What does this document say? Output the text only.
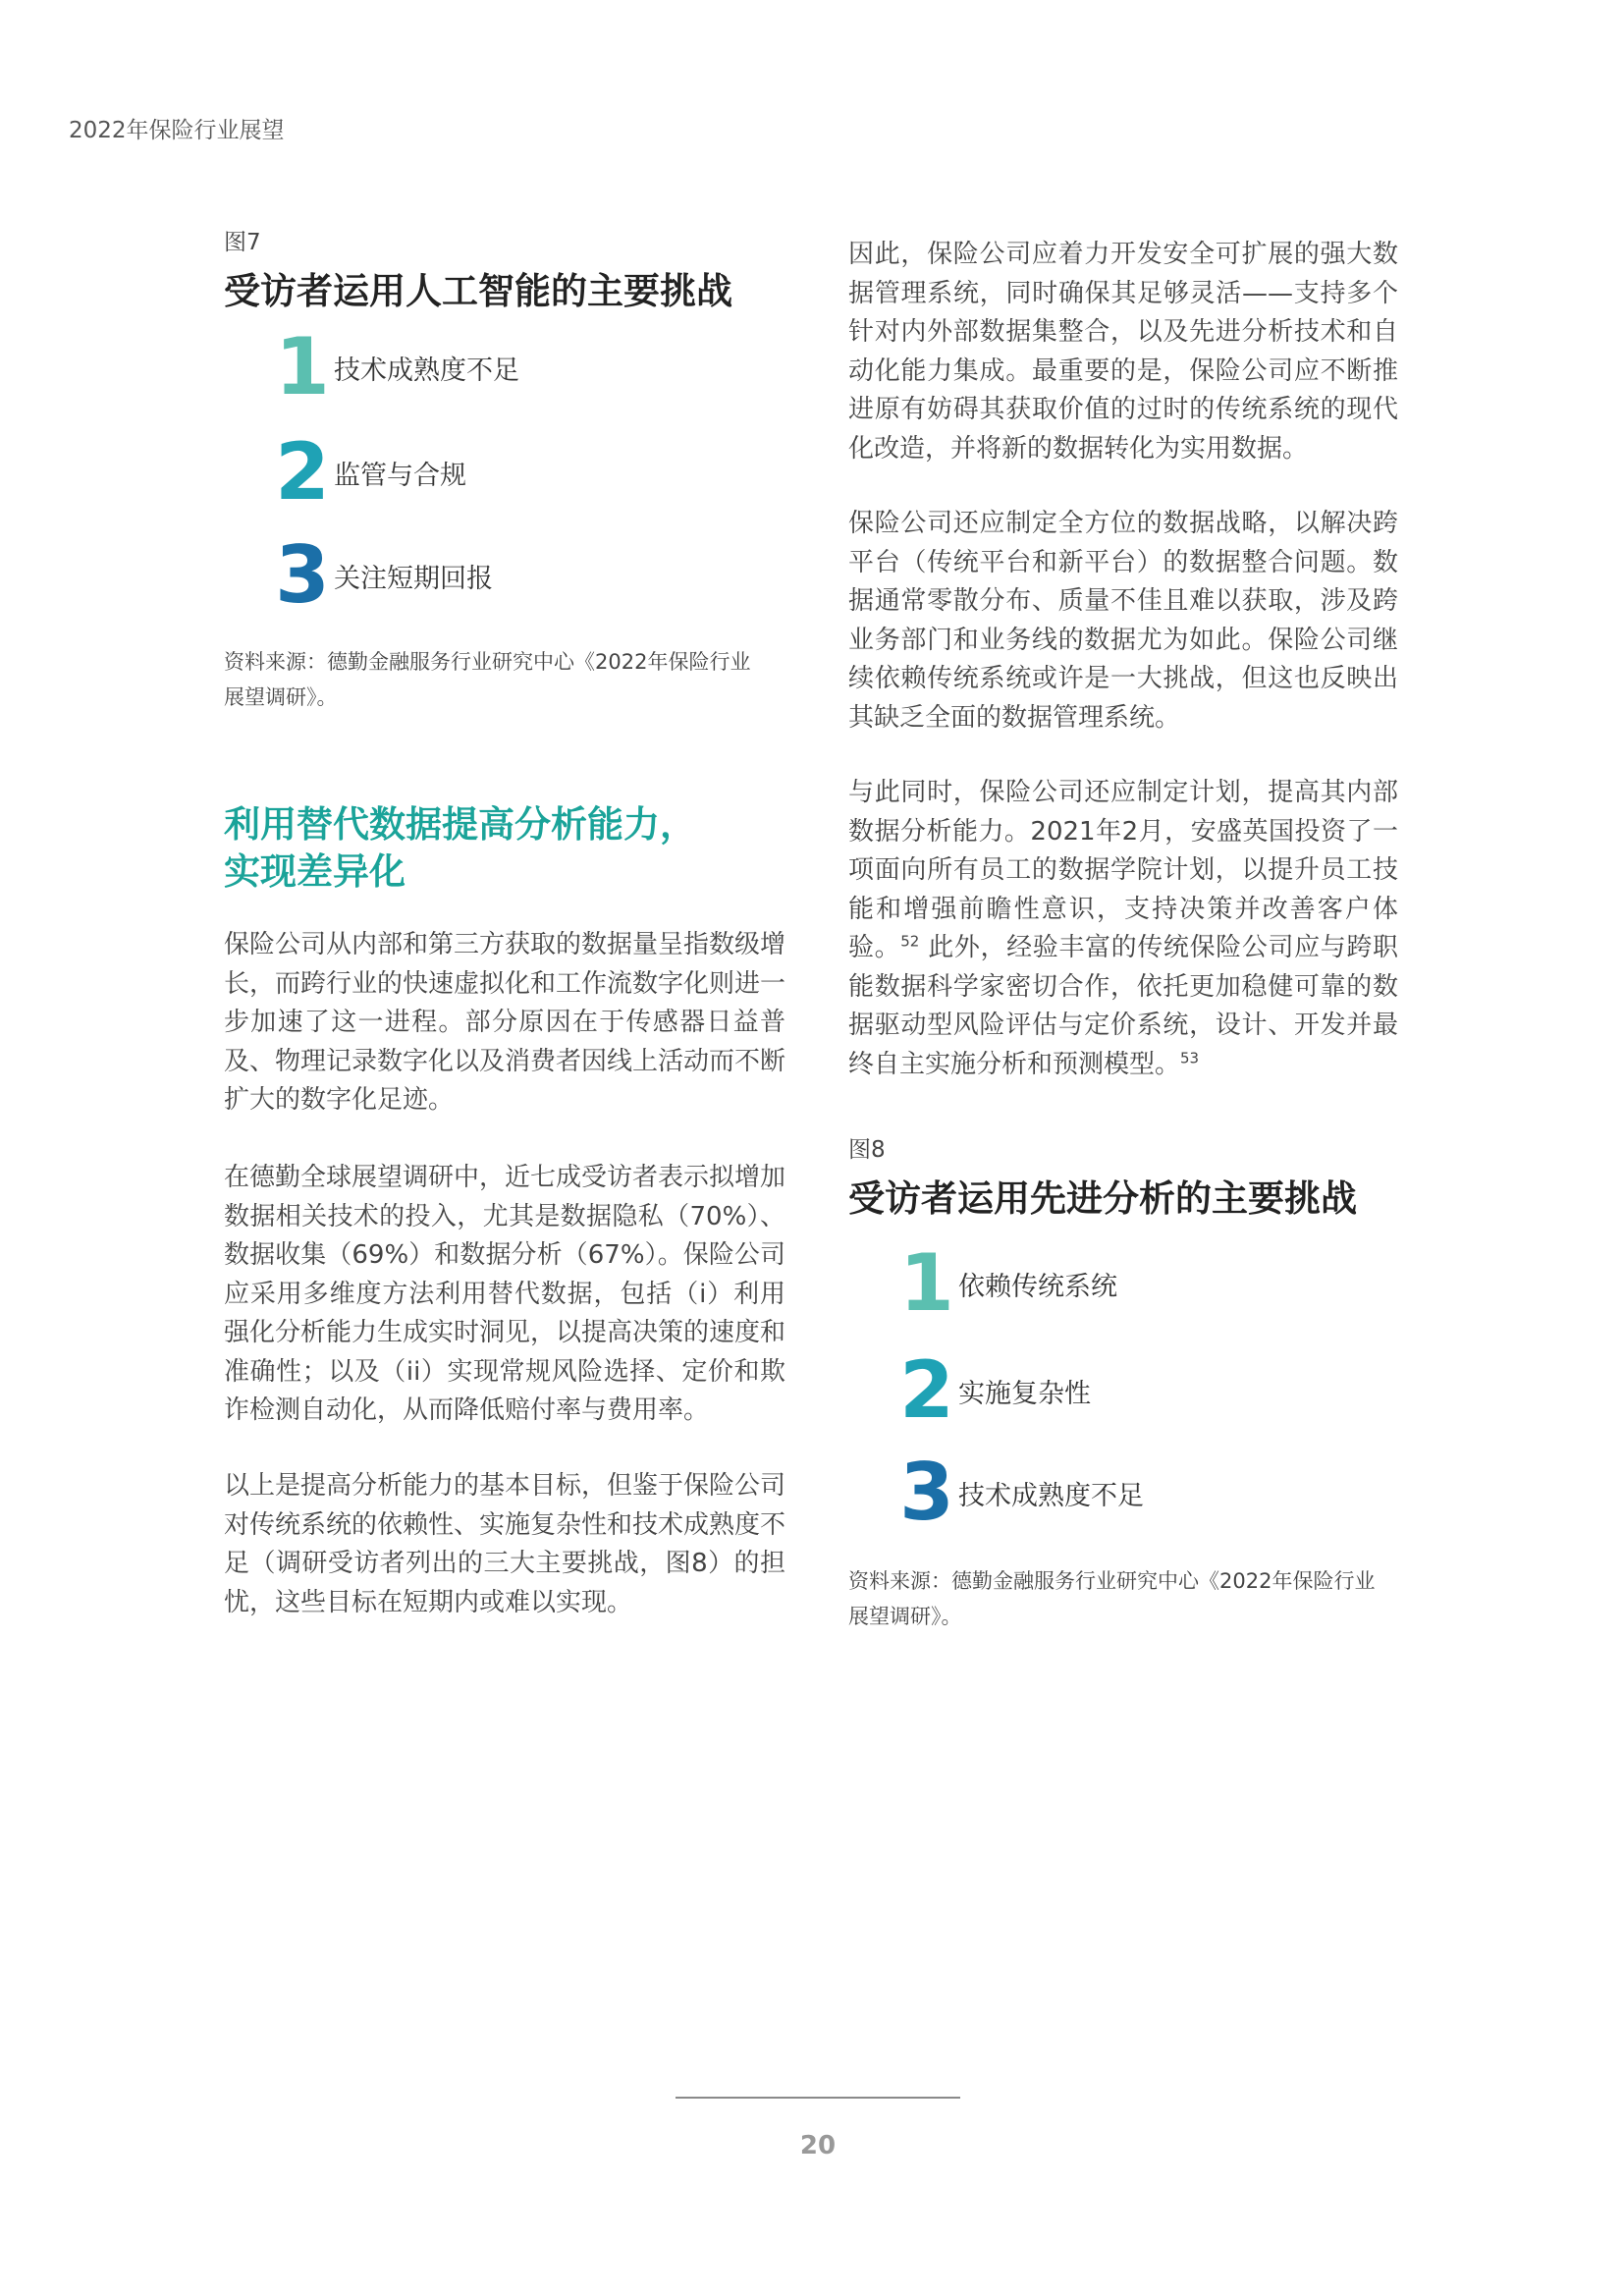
2022年保险行业展望
图7
受访者运用人工智能的主要挑战
1 技术成熟度不足
2 监管与合规
3 关注短期回报
资料来源：德勤金融服务行业研究中心《2022年保险行业
展望调研》。
利用替代数据提高分析能力，
实现差异化

保险公司从内部和第三方获取的数据量呈指数级增长，而跨行业的快速虚拟化和工作流数字化则进一步加速了这一进程。部分原因在于传感器日益普及、物理记录数字化以及消费者因线上活动而不断扩大的数字化足迹。

在德勤全球展望调研中，近七成受访者表示拟增加数据相关技术的投入，尤其是数据隐私（70%）、数据收集（69%）和数据分析（67%）。保险公司应采用多维度方法利用替代数据，包括（i）利用强化分析能力生成实时洞见，以提高决策的速度和准确性；以及（ii）实现常规风险选择、定价和欺诈检测自动化，从而降低赔付率与费用率。

以上是提高分析能力的基本目标，但鉴于保险公司对传统系统的依赖性、实施复杂性和技术成熟度不足（调研受访者列出的三大主要挑战，图8）的担忧，这些目标在短期内或难以实现。

因此，保险公司应着力开发安全可扩展的强大数据管理系统，同时确保其足够灵活——支持多个针对内外部数据集整合，以及先进分析技术和自动化能力集成。最重要的是，保险公司应不断推进原有妨碍其获取价值的过时的传统系统的现代化改造，并将新的数据转化为实用数据。

保险公司还应制定全方位的数据战略，以解决跨平台（传统平台和新平台）的数据整合问题。数据通常零散分布、质量不佳且难以获取，涉及跨业务部门和业务线的数据尤为如此。保险公司继续依赖传统系统或许是一大挑战，但这也反映出其缺乏全面的数据管理系统。

与此同时，保险公司还应制定计划，提高其内部数据分析能力。2021年2月，安盛英国投资了一项面向所有员工的数据学院计划，以提升员工技能和增强前瞻性意识，支持决策并改善客户体验。$^{52}$ 此外，经验丰富的传统保险公司应与跨职能数据科学家密切合作，依托更加稳健可靠的数据驱动型风险评估与定价系统，设计、开发并最终自主实施分析和预测模型。$^{53}$

图8
受访者运用先进分析的主要挑战
1 依赖传统系统
2 实施复杂性
3 技术成熟度不足
资料来源：德勤金融服务行业研究中心《2022年保险行业
展望调研》。
20
